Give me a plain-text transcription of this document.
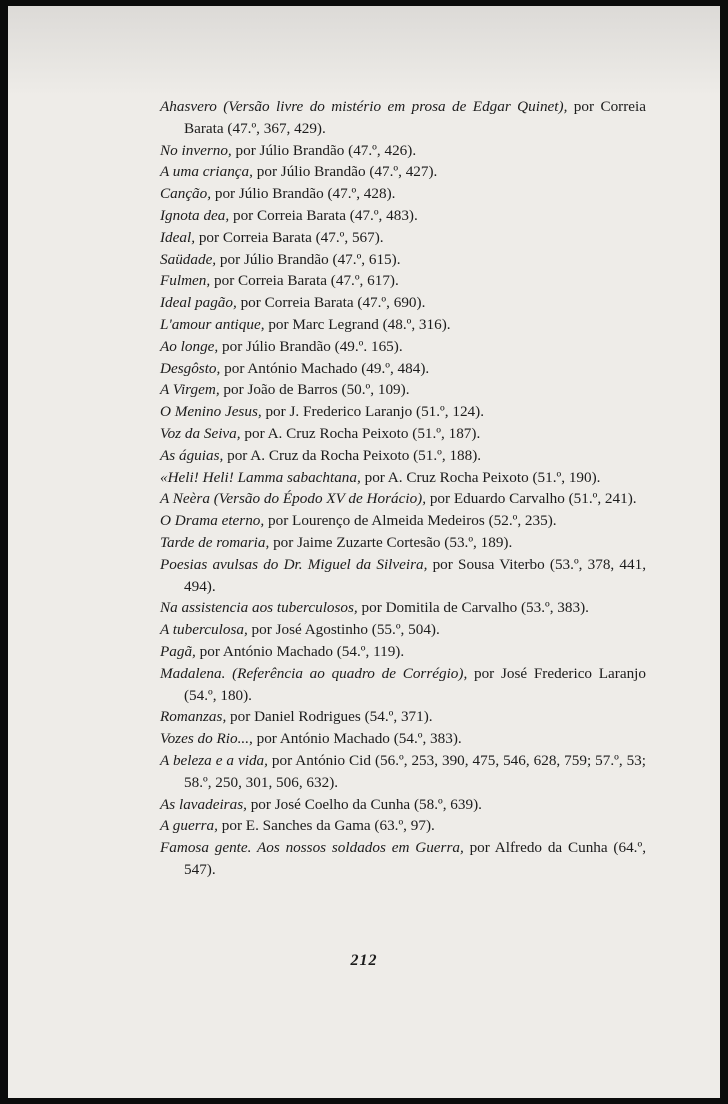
Ahasvero (Versão livre do mistério em prosa de Edgar Quinet), por Correia Barata (47.º, 367, 429).

No inverno, por Júlio Brandão (47.º, 426).

A uma criança, por Júlio Brandão (47.º, 427).

Canção, por Júlio Brandão (47.º, 428).

Ignota dea, por Correia Barata (47.º, 483).

Ideal, por Correia Barata (47.º, 567).

Saüdade, por Júlio Brandão (47.º, 615).

Fulmen, por Correia Barata (47.º, 617).

Ideal pagão, por Correia Barata (47.º, 690).

L'amour antique, por Marc Legrand (48.º, 316).

Ao longe, por Júlio Brandão (49.º. 165).

Desgôsto, por António Machado (49.º, 484).

A Virgem, por João de Barros (50.º, 109).

O Menino Jesus, por J. Frederico Laranjo (51.º, 124).

Voz da Seiva, por A. Cruz Rocha Peixoto (51.º, 187).

As águias, por A. Cruz da Rocha Peixoto (51.º, 188).

«Heli! Heli! Lamma sabachtana, por A. Cruz Rocha Peixoto (51.º, 190).

A Neèra (Versão do Épodo XV de Horácio), por Eduardo Carvalho (51.º, 241).

O Drama eterno, por Lourenço de Almeida Medeiros (52.º, 235).

Tarde de romaria, por Jaime Zuzarte Cortesão (53.º, 189).

Poesias avulsas do Dr. Miguel da Silveira, por Sousa Viterbo (53.º, 378, 441, 494).

Na assistencia aos tuberculosos, por Domitila de Carvalho (53.º, 383).

A tuberculosa, por José Agostinho (55.º, 504).

Pagã, por António Machado (54.º, 119).

Madalena. (Referência ao quadro de Corrégio), por José Frederico Laranjo (54.º, 180).

Romanzas, por Daniel Rodrigues (54.º, 371).

Vozes do Rio..., por António Machado (54.º, 383).

A beleza e a vida, por António Cid (56.º, 253, 390, 475, 546, 628, 759; 57.º, 53; 58.º, 250, 301, 506, 632).

As lavadeiras, por José Coelho da Cunha (58.º, 639).

A guerra, por E. Sanches da Gama (63.º, 97).

Famosa gente. Aos nossos soldados em Guerra, por Alfredo da Cunha (64.º, 547).

212
